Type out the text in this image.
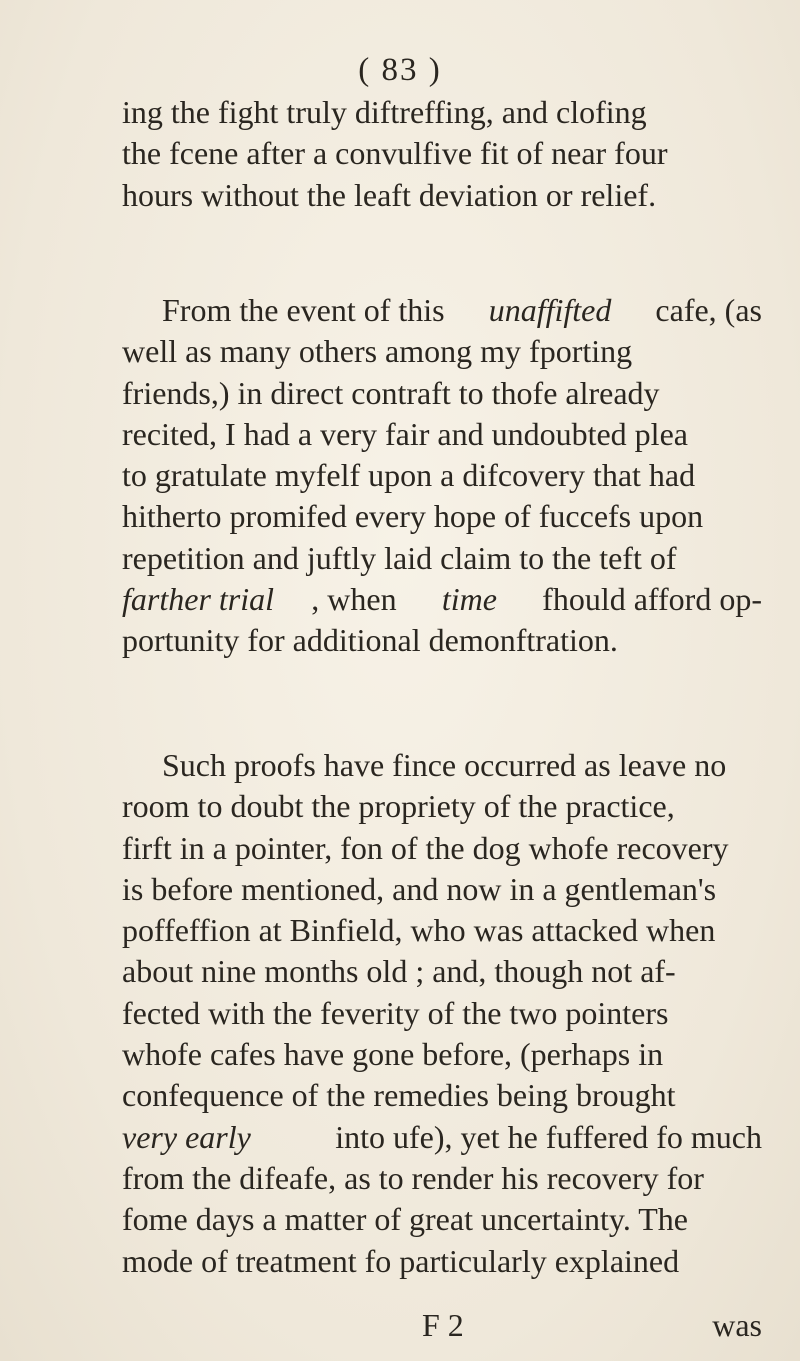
( 83 )
ing the fight truly diftreffing, and clofing
the fcene after a convulfive fit of near four
hours without the leaft deviation or relief.
From the event of this unaffifted cafe, (as
well as many others among my fporting
friends,) in direct contraft to thofe already
recited, I had a very fair and undoubted plea
to gratulate myfelf upon a difcovery that had
hitherto promifed every hope of fuccefs upon
repetition and juftly laid claim to the teft of
farther trial , when time fhould afford op-
portunity for additional demonftration.
Such proofs have fince occurred as leave no
room to doubt the propriety of the practice,
firft in a pointer, fon of the dog whofe recovery
is before mentioned, and now in a gentleman's
poffeffion at Binfield, who was attacked when
about nine months old ; and, though not af-
fected with the feverity of the two pointers
whofe cafes have gone before, (perhaps in
confequence of the remedies being brought
very early into ufe), yet he fuffered fo much
from the difeafe, as to render his recovery for
fome days a matter of great uncertainty. The
mode of treatment fo particularly explained
F 2	was
